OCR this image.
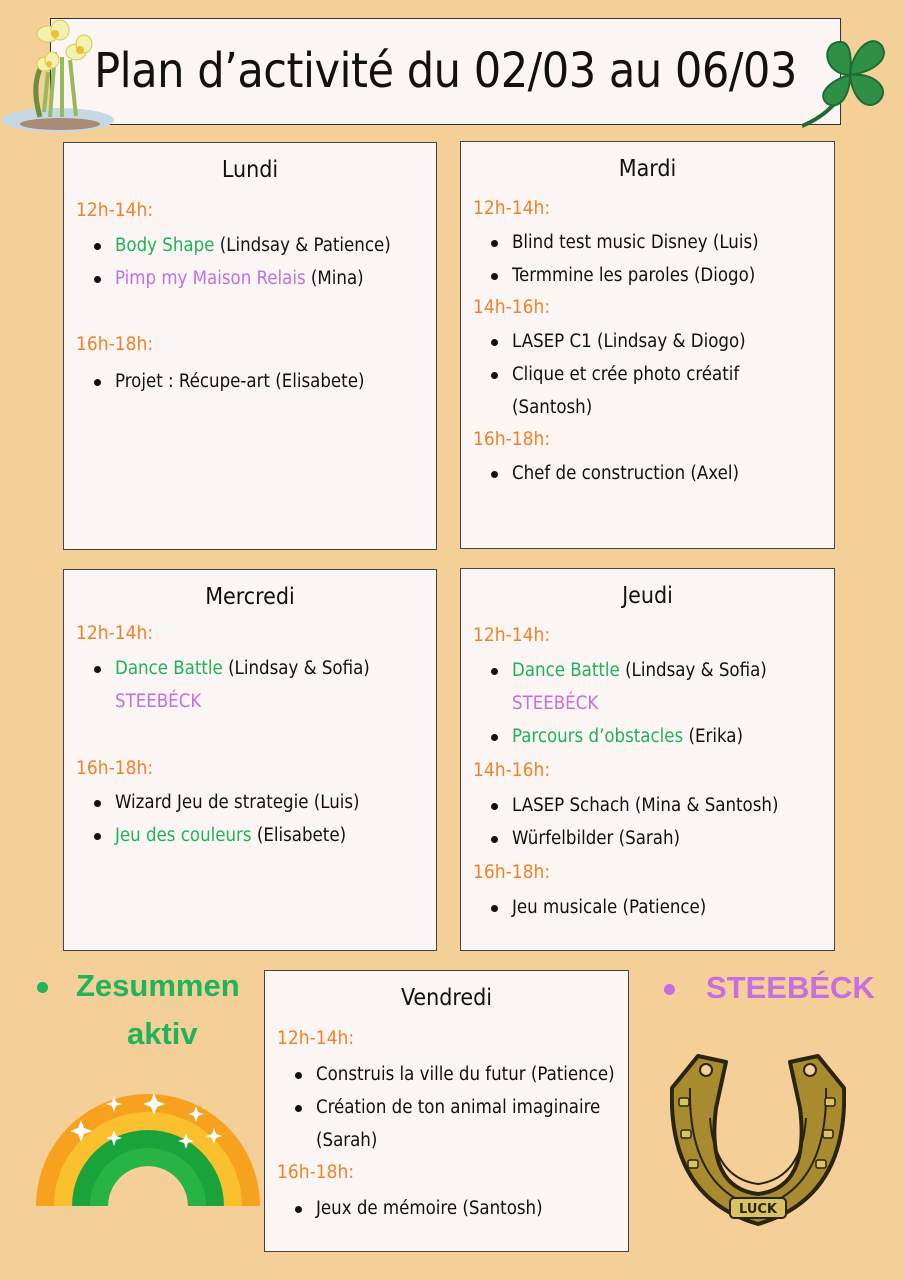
Plan d’activité du 02/03 au 06/03
Lundi
12h-14h:
Body Shape (Lindsay & Patience)
Pimp my Maison Relais (Mina)
16h-18h:
Projet : Récupe-art (Elisabete)
Mardi
12h-14h:
Blind test music Disney (Luis)
Termmine les paroles (Diogo)
14h-16h:
LASEP C1 (Lindsay & Diogo)
Clique et crée photo créatif
(Santosh)
16h-18h:
Chef de construction (Axel)
Mercredi
12h-14h:
Dance Battle (Lindsay & Sofia)
STEEBÉCK
16h-18h:
Wizard Jeu de strategie (Luis)
Jeu des couleurs (Elisabete)
Jeudi
12h-14h:
Dance Battle (Lindsay & Sofia)
STEEBÉCK
Parcours d’obstacles (Erika)
14h-16h:
LASEP Schach (Mina & Santosh)
Würfelbilder (Sarah)
16h-18h:
Jeu musicale (Patience)
Vendredi
12h-14h:
Construis la ville du futur (Patience)
Création de ton animal imaginaire
(Sarah)
16h-18h:
Jeux de mémoire (Santosh)
Zesummen
aktiv
STEEBÉCK
LUCK
